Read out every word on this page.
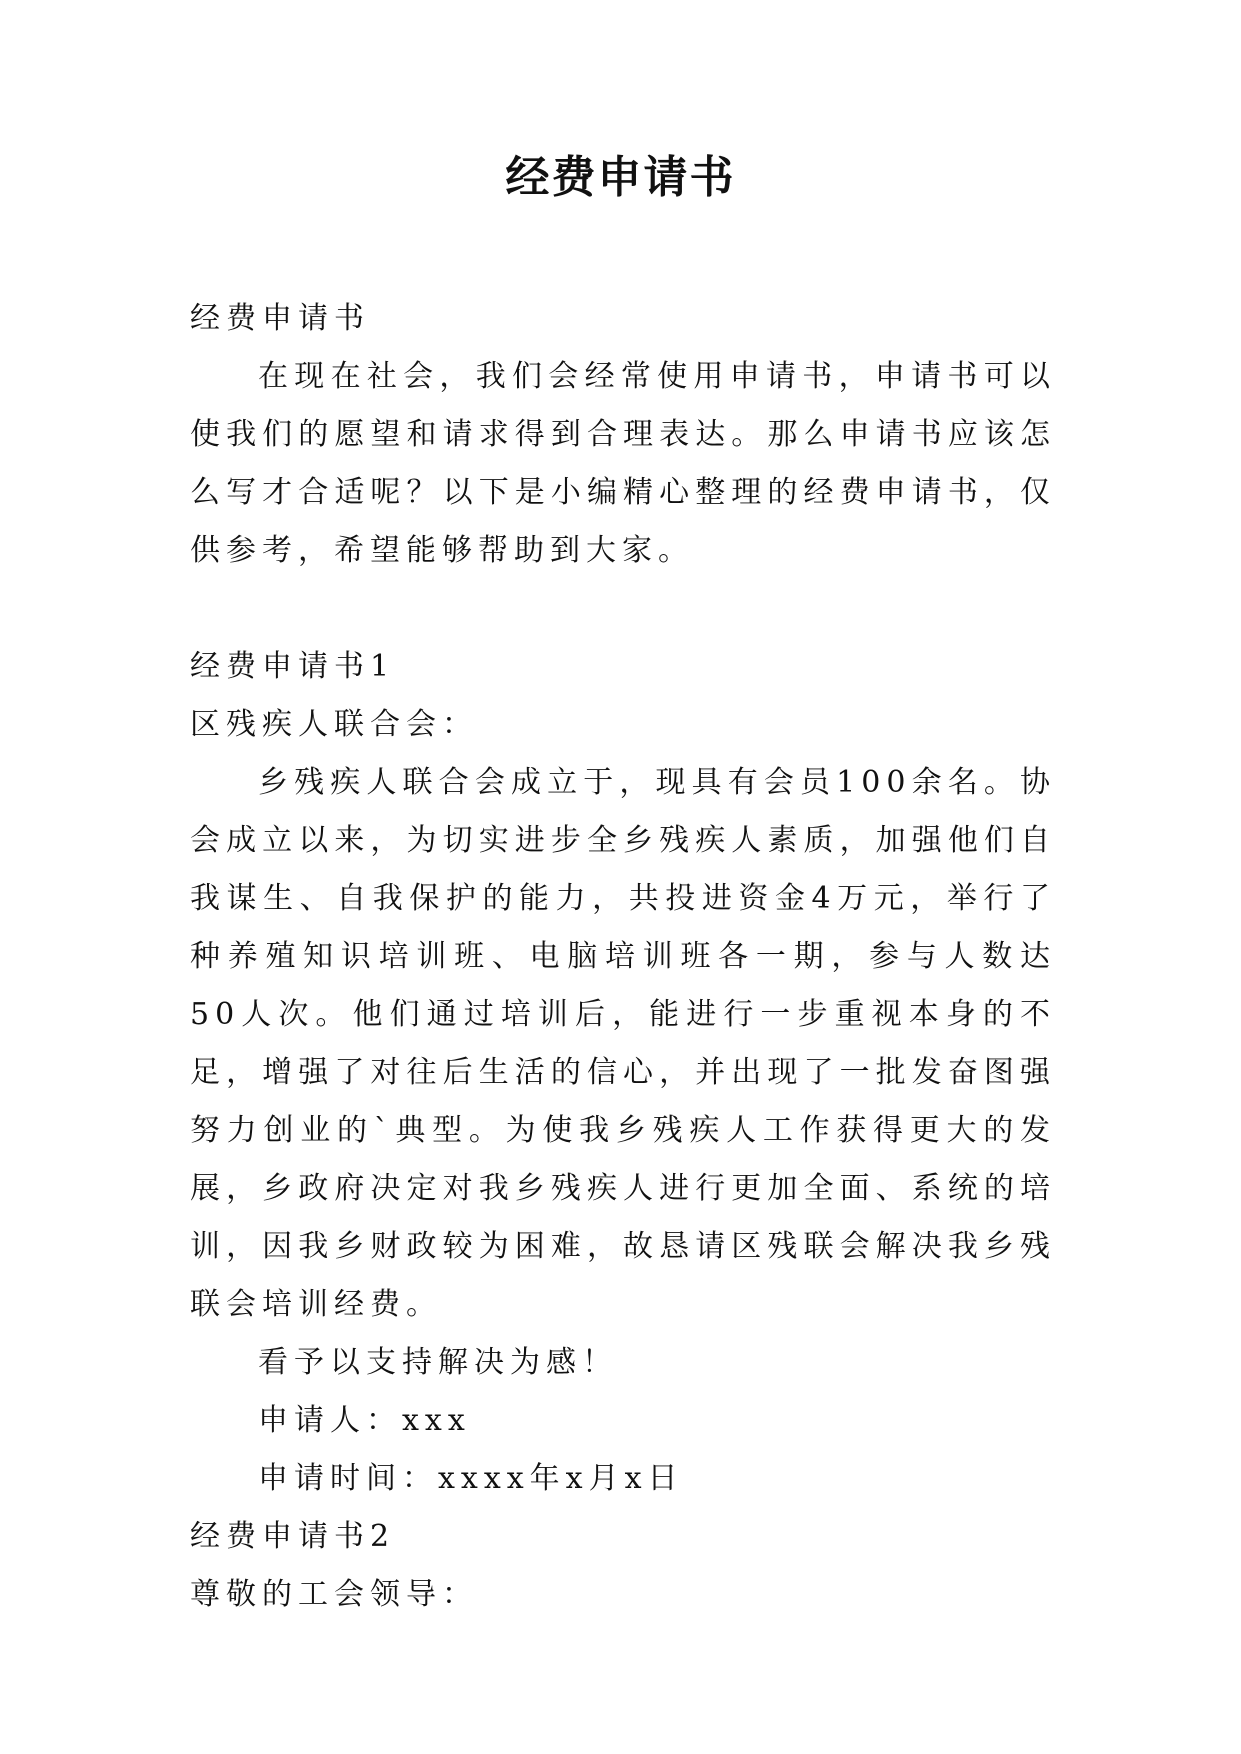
经费申请书

经费申请书

在现在社会，我们会经常使用申请书，申请书可以使我们的愿望和请求得到合理表达。那么申请书应该怎么写才合适呢？以下是小编精心整理的经费申请书，仅供参考，希望能够帮助到大家。

经费申请书1

区残疾人联合会：

乡残疾人联合会成立于，现具有会员100余名。协会成立以来，为切实进步全乡残疾人素质，加强他们自我谋生、自我保护的能力，共投进资金4万元，举行了种养殖知识培训班、电脑培训班各一期，参与人数达50人次。他们通过培训后，能进行一步重视本身的不足，增强了对往后生活的信心，并出现了一批发奋图强努力创业的`典型。为使我乡残疾人工作获得更大的发展，乡政府决定对我乡残疾人进行更加全面、系统的培训，因我乡财政较为困难，故恳请区残联会解决我乡残联会培训经费。

看予以支持解决为感！

申请人：xxx

申请时间：xxxx年x月x日

经费申请书2

尊敬的工会领导：
